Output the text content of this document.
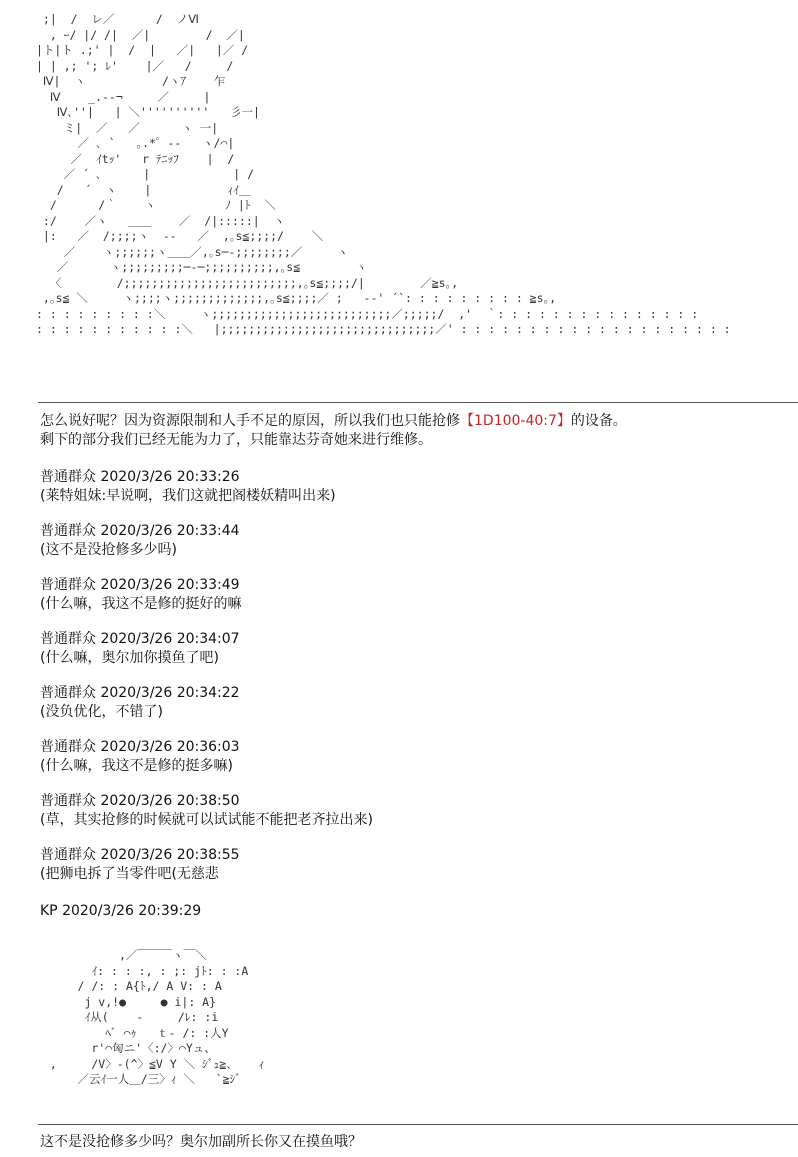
;|  /  レ／      /  ノⅥ
, ｰ/ |/ /|  ／|        /  ／|
|ト|ト .;' |  /  |   ／|   |／ /
| | ,; '; ﾚ'    |／   /     /
Ⅳ|  ヽ           /ヽｱ    乍
Ⅳ    _.-‐¬     ／     |
Ⅳ､''|   | ＼''''''''''   彡一|
ミ|  ／   ／      ヽ 一|
／ ､ `   ｡.*゜‐‐   ヽ/⌒|
／  ｲtｯ'   r ﾃﾆｯﾌ    |  /
／ ´ ､      |            | /
/   ´  ヽ    |           ｨｲ＿
/      /｀    ヽ          ﾉ |ﾄ  ＼
:/    ／ヽ   ＿＿    ／  /|:::::|  ヽ
|:   ／  /;;;;ヽ  ‐‐   ／  ,｡s≦;;;;/    ＼
／    ヽ;;;;;;ヽ＿＿／,｡s─‐;;;;;;;;／     ヽ
／      ヽ;;;;;;;;;─‐─;;;;;;;;;;,｡s≦        ヽ
〈        /;;;;;;;;;;;;;;;;;;;;;;;;;,｡s≦;;;;/|        ／≧s｡,
,｡s≦ ＼     ヽ;;;;ヽ;;;;;;;;;;;;;,｡s≦;;;;／ ;   ‐‐' ´`: : : : : : : : : ≧s｡,
: : : : : : : : :＼     ヽ;;;;;;;;;;;;;;;;;;;;;;;;;;／;;;;;/  ,'  ｀: : : : : : : : : : : : : : :
: : : : : : : : : : :＼   |;;;;;;;;;;;;;;;;;;;;;;;;;;;;;;;／' : : : : : : : : : : : : : : : : : : : :
怎么说好呢？因为资源限制和人手不足的原因，所以我们也只能抢修【1D100-40:7】的设备。
剩下的部分我们已经无能为力了，只能靠达芬奇她来进行维修。
普通群众 2020/3/26 20:33:26
(莱特姐妹:早说啊，我们这就把阁楼妖精叫出来)
普通群众 2020/3/26 20:33:44
(这不是没抢修多少吗)
普通群众 2020/3/26 20:33:49
(什么嘛，我这不是修的挺好的嘛
普通群众 2020/3/26 20:34:07
(什么嘛，奥尔加你摸鱼了吧)
普通群众 2020/3/26 20:34:22
(没负优化，不错了)
普通群众 2020/3/26 20:36:03
(什么嘛，我这不是修的挺多嘛)
普通群众 2020/3/26 20:38:50
(草，其实抢修的时候就可以试试能不能把老齐拉出来)
普通群众 2020/3/26 20:38:55
(把狮电拆了当零件吧(无慈悲
KP 2020/3/26 20:39:29
,／￣￣￣ヽ￣＼
ｲ: : : :, : ;: jﾄ: : :A
/ /: : A{ﾄ,/ A V: : A
j v,!●     ● i|: A}
ｲ从(    -     /ﾚ: :i
ﾍﾞ ⌒ｩ   ｔ- /: :人Y
r'⌒匈ニ'〈:/〉⌒Yュ、
,     /V〉-(^〉≦V Y ＼ ｼﾞｭ≧、   ｨ
／云ｲ一人＿/三〉ｨ ＼   `≧ｼﾞ
这不是没抢修多少吗？奥尔加副所长你又在摸鱼哦？
